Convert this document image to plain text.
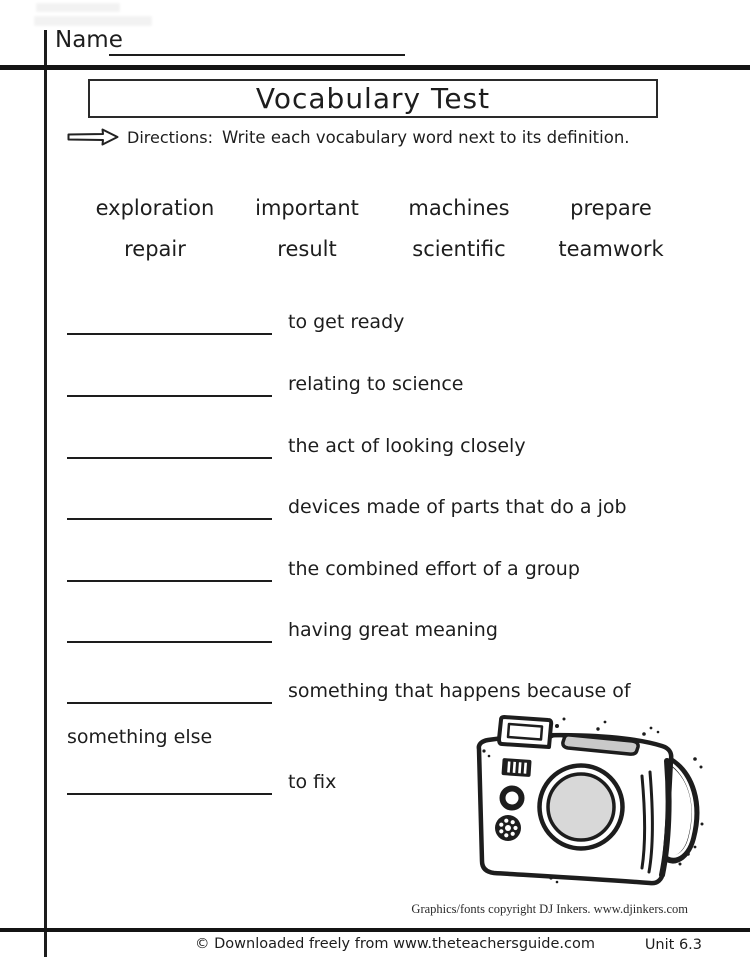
Name
Vocabulary Test
Directions: Write each vocabulary word next to its definition.
exploration	important	machines	prepare
repair	result	scientific	teamwork
to get ready
relating to science
the act of looking closely
devices made of parts that do a job
the combined effort of a group
having great meaning
something that happens because of
something else
to fix
Graphics/fonts copyright DJ Inkers. www.djinkers.com
© Downloaded freely from www.theteachersguide.com	Unit 6.3
